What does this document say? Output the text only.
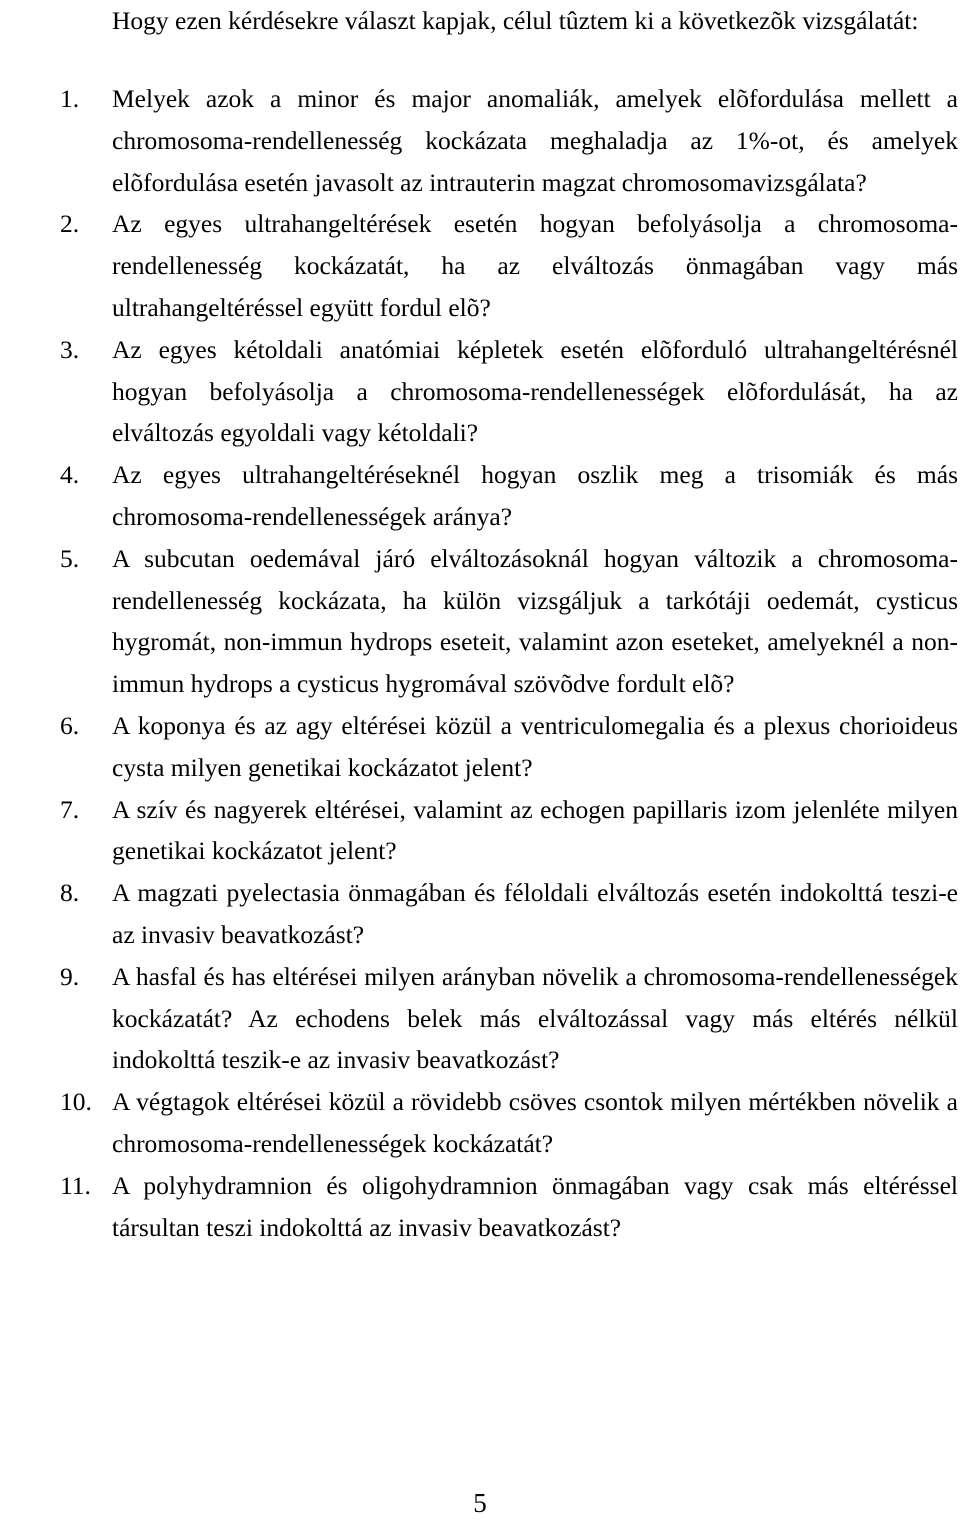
Hogy ezen kérdésekre választ kapjak, célul tûztem ki a következõk vizsgálatát:

1.	Melyek azok a minor és major anomaliák, amelyek elõfordulása mellett a chromosoma-rendellenesség kockázata meghaladja az 1%-ot, és amelyek elõfordulása esetén javasolt az intrauterin magzat chromosomavizsgálata?
2.	Az egyes ultrahangeltérések esetén hogyan befolyásolja a chromosoma-rendellenesség kockázatát, ha az elváltozás önmagában vagy más ultrahangeltéréssel együtt fordul elõ?
3.	Az egyes kétoldali anatómiai képletek esetén elõforduló ultrahangeltérésnél hogyan befolyásolja a chromosoma-rendellenességek elõfordulását, ha az elváltozás egyoldali vagy kétoldali?
4.	Az egyes ultrahangeltéréseknél hogyan oszlik meg a trisomiák és más chromosoma-rendellenességek aránya?
5.	A subcutan oedemával járó elváltozásoknál hogyan változik a chromosoma-rendellenesség kockázata, ha külön vizsgáljuk a tarkótáji oedemát, cysticus hygromát, non-immun hydrops eseteit, valamint azon eseteket, amelyeknél a non-immun hydrops a cysticus hygromával szövõdve fordult elõ?
6.	A koponya és az agy eltérései közül a ventriculomegalia és a plexus chorioideus cysta milyen genetikai kockázatot jelent?
7.	A szív és nagyerek eltérései, valamint az echogen papillaris izom jelenléte milyen genetikai kockázatot jelent?
8.	A magzati pyelectasia önmagában és féloldali elváltozás esetén indokolttá teszi-e az invasiv beavatkozást?
9.	A hasfal és has eltérései milyen arányban növelik a chromosoma-rendellenességek kockázatát? Az echodens belek más elváltozással vagy más eltérés nélkül indokolttá teszik-e az invasiv beavatkozást?
10. A végtagok eltérései közül a rövidebb csöves csontok milyen mértékben növelik a chromosoma-rendellenességek kockázatát?
11. A polyhydramnion és oligohydramnion önmagában vagy csak más eltéréssel társultan teszi indokolttá az invasiv beavatkozást?
5
